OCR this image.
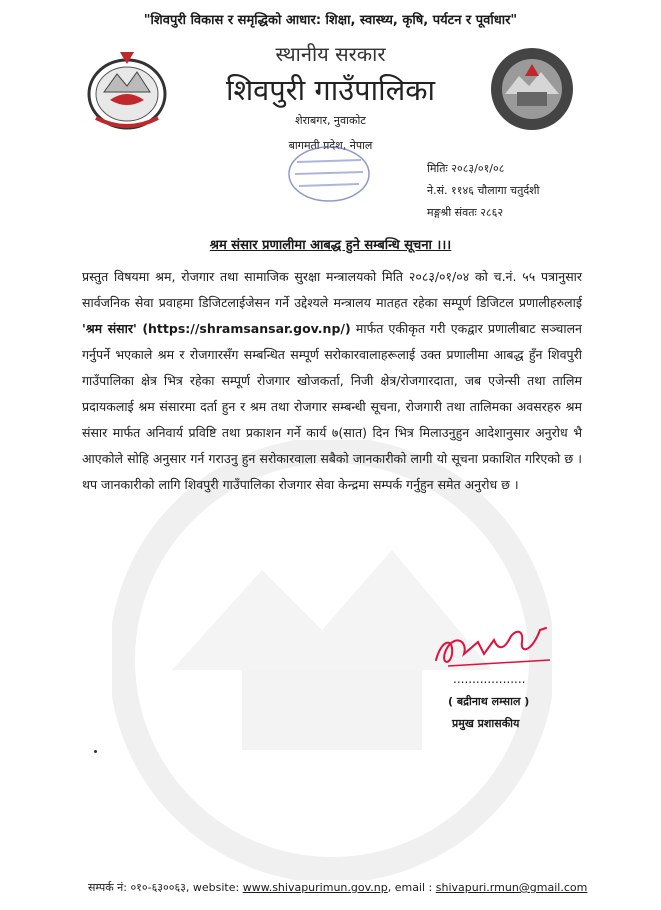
"शिवपुरी विकास र समृद्धिको आधार: शिक्षा, स्वास्थ्य, कृषि, पर्यटन र पूर्वाधार"
स्थानीय सरकार
शिवपुरी गाउँपालिका
शेराबगर, नुवाकोट
बागमती प्रदेश, नेपाल
मितिः २०८३/०१/०८
ने.सं. ११४६ चौलागा चतुर्दशी
मङ्गश्री संवतः २८६२
श्रम संसार प्रणालीमा आबद्ध हुने सम्बन्धि सूचना ।।।
प्रस्तुत विषयमा श्रम, रोजगार तथा सामाजिक सुरक्षा मन्त्रालयको मिति २०८३/०१/०४ को च.नं. ५५ पत्रानुसार सार्वजनिक सेवा प्रवाहमा डिजिटलाईजेसन गर्ने उद्देश्यले मन्त्रालय मातहत रहेका सम्पूर्ण डिजिटल प्रणालीहरुलाई 'श्रम संसार' (https://shramsansar.gov.np/) मार्फत एकीकृत गरी एकद्वार प्रणालीबाट सञ्चालन गर्नुपर्ने भएकाले श्रम र रोजगारसँग सम्बन्धित सम्पूर्ण सरोकारवालाहरूलाई उक्त प्रणालीमा आबद्ध हुँन शिवपुरी गाउँपालिका क्षेत्र भित्र रहेका सम्पूर्ण रोजगार खोजकर्ता, निजी क्षेत्र/रोजगारदाता, जब एजेन्सी तथा तालिम प्रदायकलाई श्रम संसारमा दर्ता हुन र श्रम तथा रोजगार सम्बन्धी सूचना, रोजगारी तथा तालिमका अवसरहरु श्रम संसार मार्फत अनिवार्य प्रविष्टि तथा प्रकाशन गर्ने कार्य ७(सात) दिन भित्र मिलाउनुहुन आदेशानुसार अनुरोध भै आएकोले सोहि अनुसार गर्न गराउनु हुन सरोकारवाला सबैको जानकारीको लागी यो सूचना प्रकाशित गरिएको छ । थप जानकारीको लागि शिवपुरी गाउँपालिका रोजगार सेवा केन्द्रमा सम्पर्क गर्नुहुन समेत अनुरोध छ ।
...................
( बद्रीनाथ लम्साल )
प्रमुख प्रशासकीय
सम्पर्क नं: ०१०-६३००६३, website: www.shivapurimun.gov.np, email : shivapuri.rmun@gmail.com
